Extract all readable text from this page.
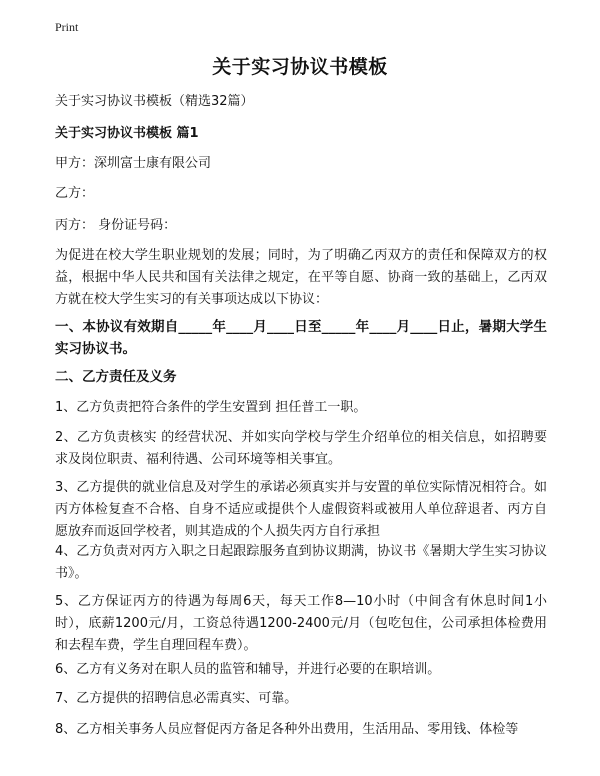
Print
关于实习协议书模板
关于实习协议书模板（精选32篇）
关于实习协议书模板 篇1
甲方：深圳富士康有限公司
乙方：
丙方： 身份证号码：
为促进在校大学生职业规划的发展；同时，为了明确乙丙双方的责任和保障双方的权益，根据中华人民共和国有关法律之规定，在平等自愿、协商一致的基础上，乙丙双方就在校大学生实习的有关事项达成以下协议：
一、本协议有效期自_____年____月____日至_____年____月____日止，暑期大学生实习协议书。
二、乙方责任及义务
1、乙方负责把符合条件的学生安置到 担任普工一职。
2、乙方负责核实 的经营状况、并如实向学校与学生介绍单位的相关信息，如招聘要求及岗位职责、福利待遇、公司环境等相关事宜。
3、乙方提供的就业信息及对学生的承诺必须真实并与安置的单位实际情况相符合。如丙方体检复查不合格、自身不适应或提供个人虚假资料或被用人单位辞退者、丙方自愿放弃而返回学校者，则其造成的个人损失丙方自行承担
4、乙方负责对丙方入职之日起跟踪服务直到协议期满，协议书《暑期大学生实习协议书》。
5、乙方保证丙方的待遇为每周6天，每天工作8—10小时（中间含有休息时间1小时），底薪1200元/月，工资总待遇1200-2400元/月（包吃包住，公司承担体检费用和去程车费，学生自理回程车费）。
6、乙方有义务对在职人员的监管和辅导，并进行必要的在职培训。
7、乙方提供的招聘信息必需真实、可靠。
8、乙方相关事务人员应督促丙方备足各种外出费用，生活用品、零用钱、体检等
